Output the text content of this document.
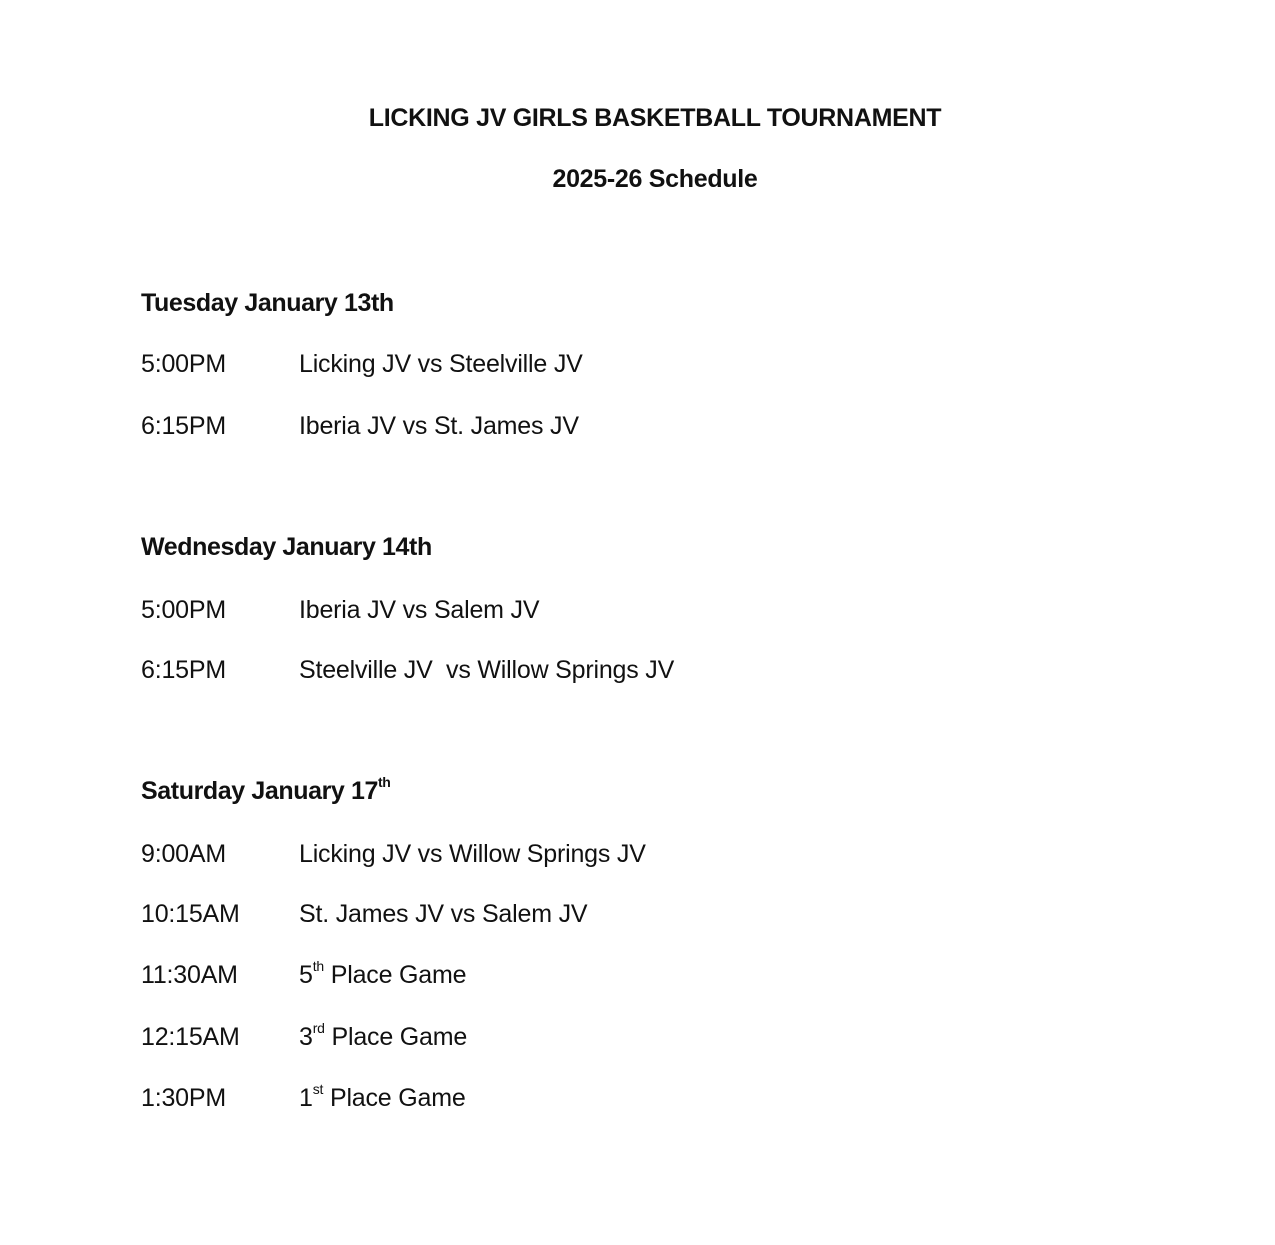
LICKING JV GIRLS BASKETBALL TOURNAMENT
2025-26 Schedule
Tuesday January 13th
5:00PM	Licking JV vs Steelville JV
6:15PM	Iberia JV vs St. James JV
Wednesday January 14th
5:00PM	Iberia JV vs Salem JV
6:15PM	Steelville JV  vs Willow Springs JV
Saturday January 17th
9:00AM	Licking JV vs Willow Springs JV
10:15AM St. James JV vs Salem JV
11:30AM 5th Place Game
12:15AM 3rd Place Game
1:30PM	1st Place Game
